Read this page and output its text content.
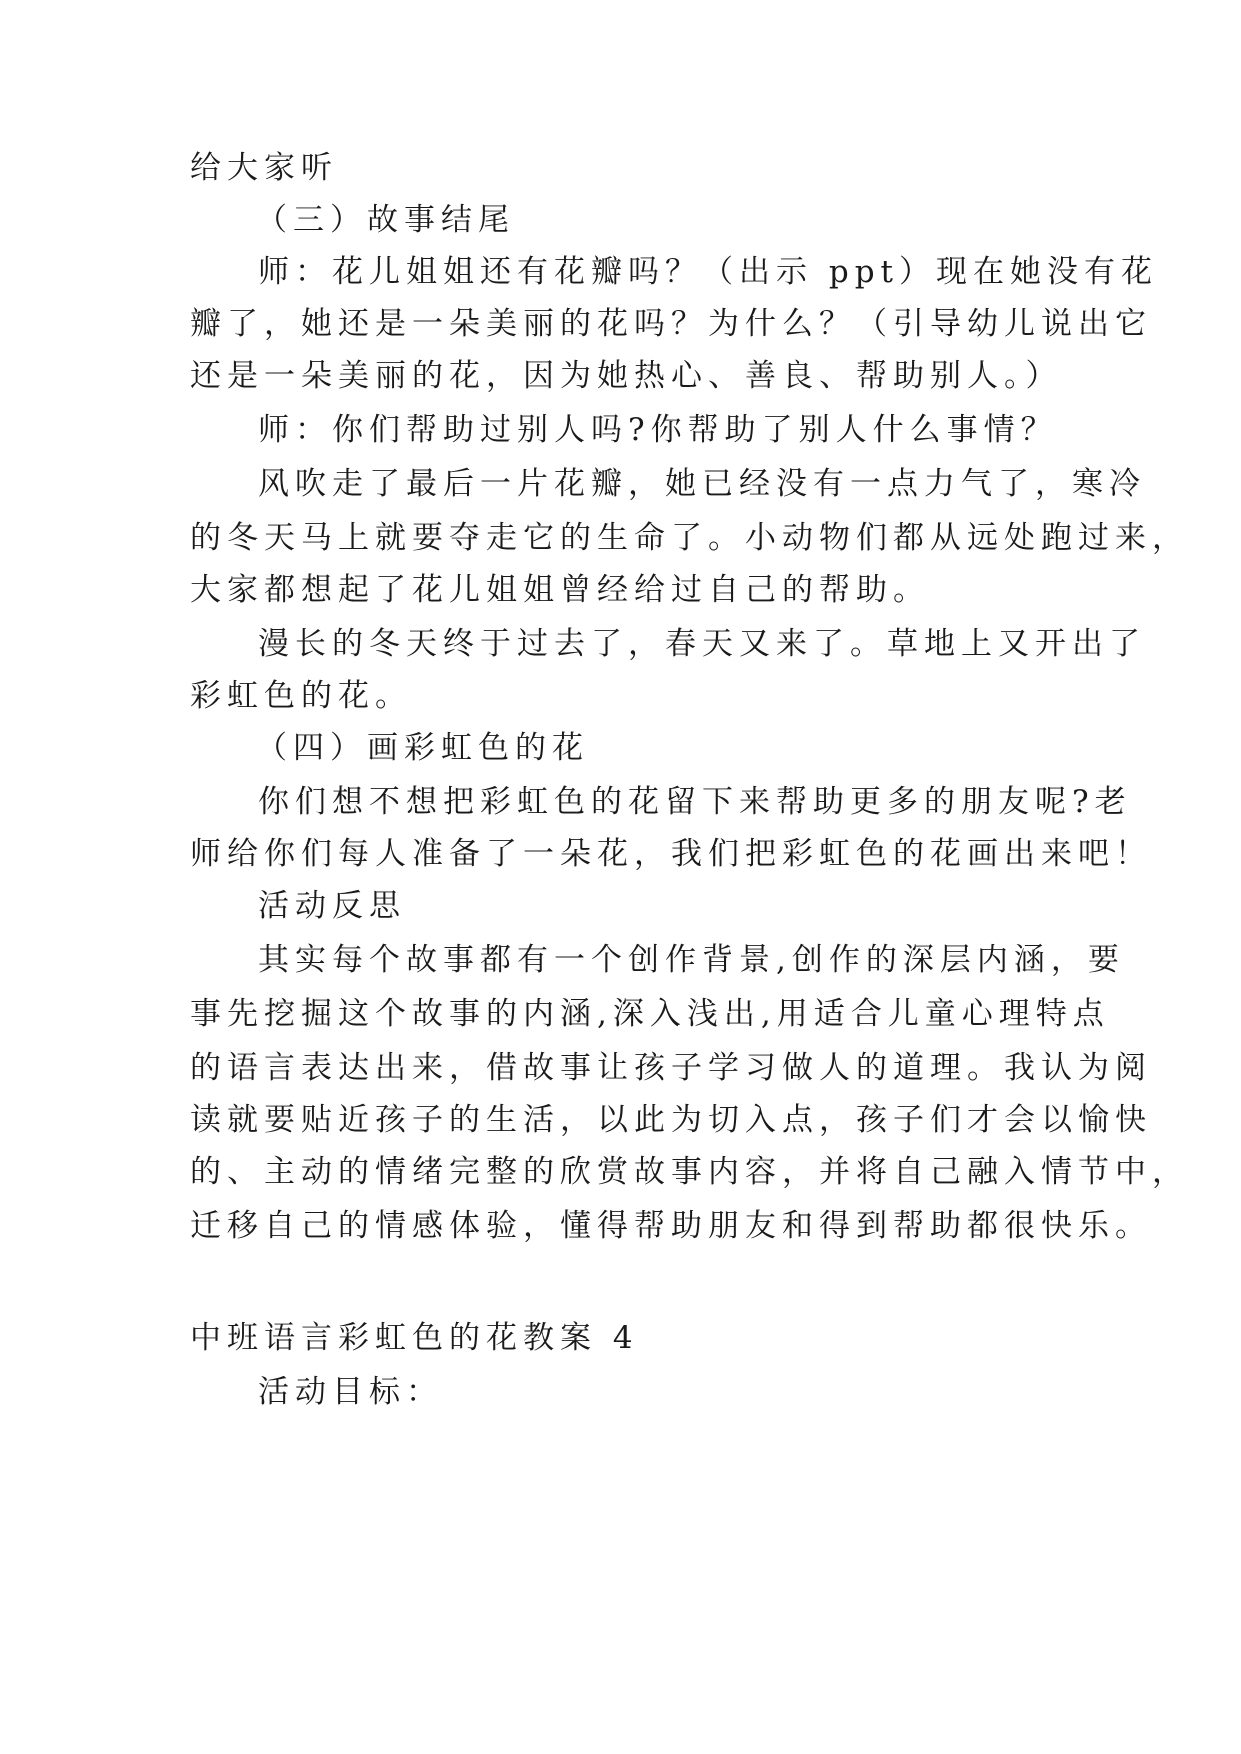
给大家听
（三）故事结尾
师：花儿姐姐还有花瓣吗？（出示 ppt）现在她没有花
瓣了，她还是一朵美丽的花吗？为什么？（引导幼儿说出它
还是一朵美丽的花，因为她热心、善良、帮助别人。）
师：你们帮助过别人吗?你帮助了别人什么事情？
风吹走了最后一片花瓣，她已经没有一点力气了，寒冷
的冬天马上就要夺走它的生命了。小动物们都从远处跑过来，
大家都想起了花儿姐姐曾经给过自己的帮助。
漫长的冬天终于过去了，春天又来了。草地上又开出了
彩虹色的花。
（四）画彩虹色的花
你们想不想把彩虹色的花留下来帮助更多的朋友呢?老
师给你们每人准备了一朵花，我们把彩虹色的花画出来吧！
活动反思
其实每个故事都有一个创作背景,创作的深层内涵，要
事先挖掘这个故事的内涵,深入浅出,用适合儿童心理特点
的语言表达出来，借故事让孩子学习做人的道理。我认为阅
读就要贴近孩子的生活，以此为切入点，孩子们才会以愉快
的、主动的情绪完整的欣赏故事内容，并将自己融入情节中，
迁移自己的情感体验，懂得帮助朋友和得到帮助都很快乐。
中班语言彩虹色的花教案 4
活动目标：
